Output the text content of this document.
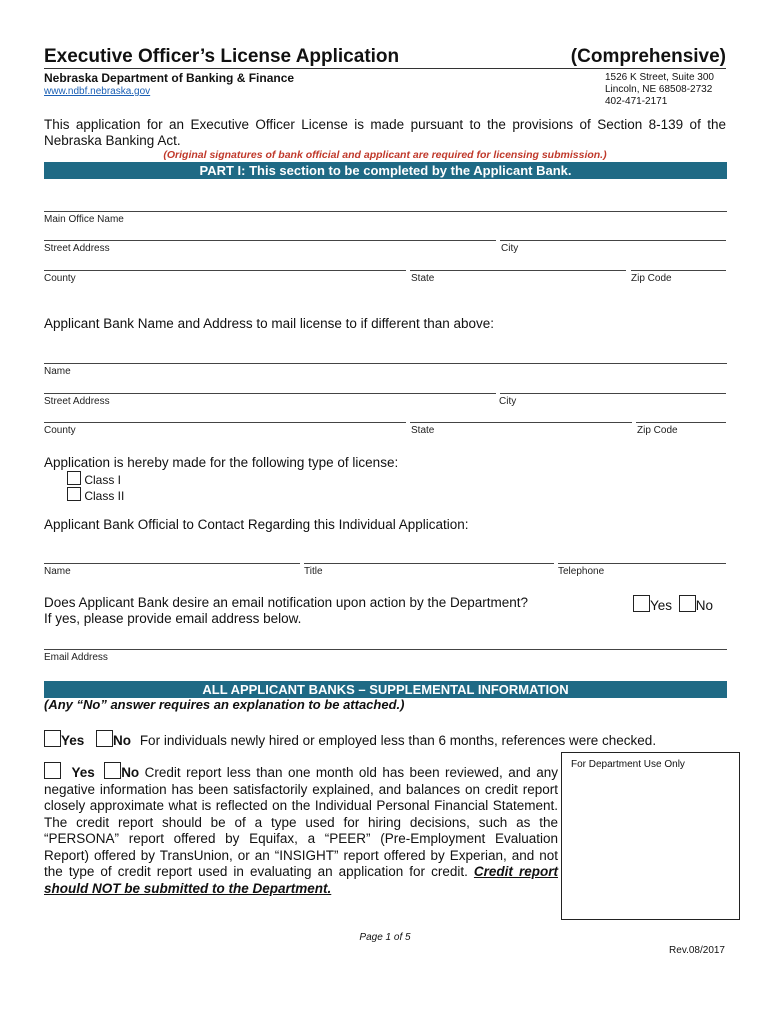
Executive Officer’s License Application	(Comprehensive)
Nebraska Department of Banking & Finance
www.ndbf.nebraska.gov
1526 K Street, Suite 300
Lincoln, NE 68508-2732
402-471-2171
This application for an Executive Officer License is made pursuant to the provisions of Section 8-139 of the Nebraska Banking Act.
(Original signatures of bank official and applicant are required for licensing submission.)
PART I: This section to be completed by the Applicant Bank.
Main Office Name
Street Address	City
County	State	Zip Code
Applicant Bank Name and Address to mail license to if different than above:
Name
Street Address	City
County	State	Zip Code
Application is hereby made for the following type of license:
Class I
Class II
Applicant Bank Official to Contact Regarding this Individual Application:
Name	Title	Telephone
Does Applicant Bank desire an email notification upon action by the Department?
If yes, please provide email address below.
Yes No
Email Address
ALL APPLICANT BANKS – SUPPLEMENTAL INFORMATION
(Any “No” answer requires an explanation to be attached.)
Yes No For individuals newly hired or employed less than 6 months, references were checked.
Yes No Credit report less than one month old has been reviewed, and any negative information has been satisfactorily explained, and balances on credit report closely approximate what is reflected on the Individual Personal Financial Statement. The credit report should be of a type used for hiring decisions, such as the “PERSONA” report offered by Equifax, a “PEER” (Pre-Employment Evaluation Report) offered by TransUnion, or an “INSIGHT” report offered by Experian, and not the type of credit report used in evaluating an application for credit. Credit report should NOT be submitted to the Department.
For Department Use Only
Page 1 of 5
Rev.08/2017
